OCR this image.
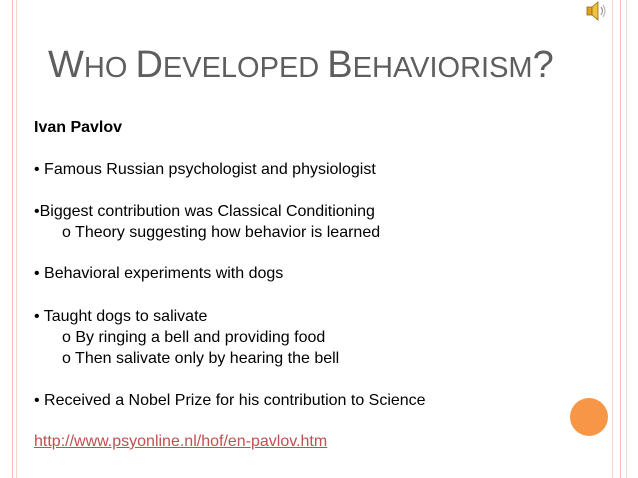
WHO DEVELOPED BEHAVIORISM?
Ivan Pavlov
• Famous Russian psychologist and physiologist
•Biggest contribution was Classical Conditioning
o Theory suggesting how behavior is learned
• Behavioral experiments with dogs
• Taught dogs to salivate
o By ringing a bell and providing food
o Then salivate only by hearing the bell
• Received a Nobel Prize for his contribution to Science
http://www.psyonline.nl/hof/en-pavlov.htm
